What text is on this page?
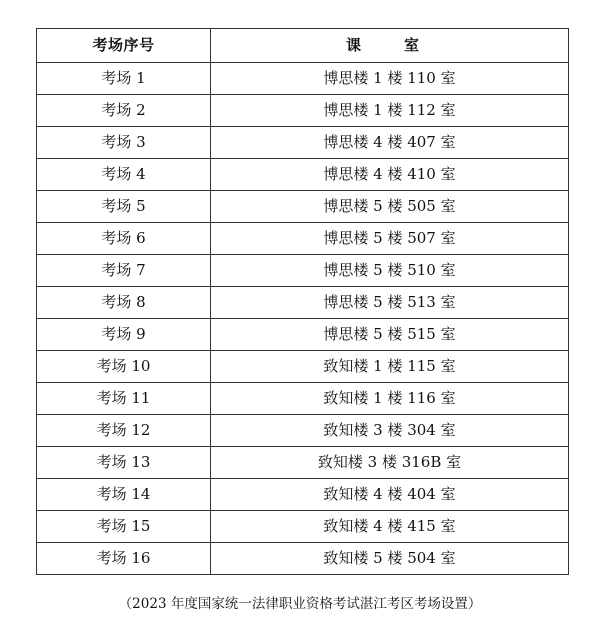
考场序号	课　室
考场 1	博思楼 1 楼 110 室
考场 2	博思楼 1 楼 112 室
考场 3	博思楼 4 楼 407 室
考场 4	博思楼 4 楼 410 室
考场 5	博思楼 5 楼 505 室
考场 6	博思楼 5 楼 507 室
考场 7	博思楼 5 楼 510 室
考场 8	博思楼 5 楼 513 室
考场 9	博思楼 5 楼 515 室
考场 10	致知楼 1 楼 115 室
考场 11	致知楼 1 楼 116 室
考场 12	致知楼 3 楼 304 室
考场 13	致知楼 3 楼 316B 室
考场 14	致知楼 4 楼 404 室
考场 15	致知楼 4 楼 415 室
考场 16	致知楼 5 楼 504 室
（2023 年度国家统一法律职业资格考试湛江考区考场设置）
